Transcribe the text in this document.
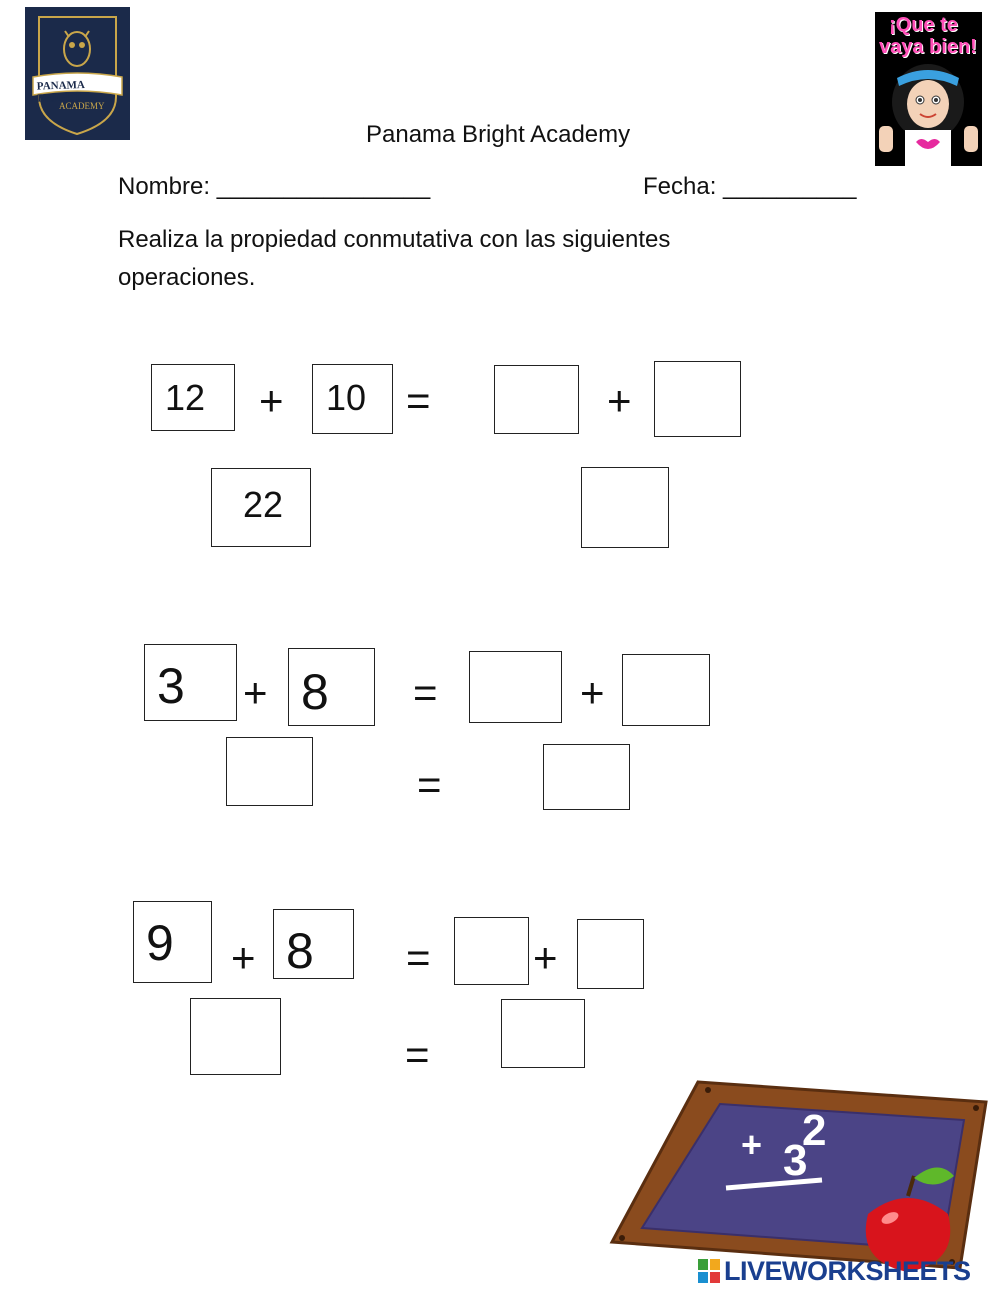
PANAMA BRIGHT
ACADEMY
¡Que te
vaya bien!
Panama Bright Academy
Nombre: ________________	Fecha: __________
Realiza la propiedad conmutativa con las siguientes
operaciones.
12 + 10 =	+
22
3 + 8 =	+
=
9 + 8 = +
=
+ 2
3
LIVEWORKSHEETS
